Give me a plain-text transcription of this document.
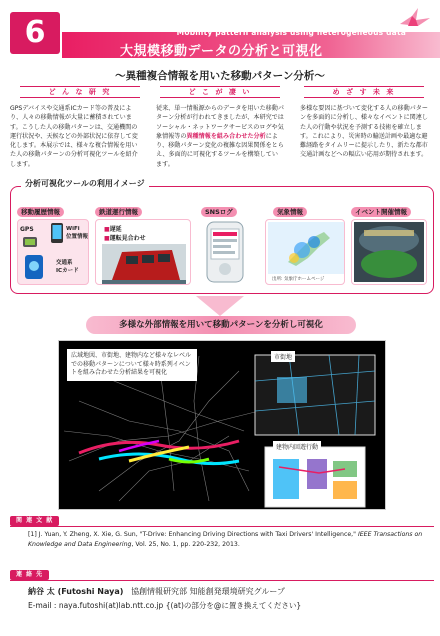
6	Mobility pattern analysis using heterogeneous data
大規模移動データの分析と可視化
〜異種複合情報を用いた移動パターン分析〜
ど ん な 研 究
GPSデバイスや交通系ICカード等の普及により、人々の移動情報が大量に蓄積されています。こうした人の移動パターンは、交通機関の運行状況や、天候などの外部状況に依存して変化します。本展示では、様々な複合情報を用いた人の移動パターンの分析可視化ツールを紹介します。
ど こ が 凄 い
従来、単一情報源からのデータを用いた移動パターン分析が行われてきましたが、本研究ではソーシャル・ネットワークサービスのログや気象情報等の異種情報を組み合わせた分析により、移動パターン変化の複雑な因果関係をとらえ、多面的に可視化するツールを構築しています。
め ざ す 未 来
多様な要因に基づいて変化する人の移動パターンを多面的に分析し、様々なイベントに関連した人の行動や状況を予測する技術を確立します。これにより、災害時の輸送計画や最適な避難経路をタイムリーに提示したり、新たな都市交通計画などへの幅広い応用が期待されます。
分析可視化ツールの利用イメージ
移動履歴情報	鉄道運行情報	SNSログ	気象情報	イベント開催情報
GPS	WiFi
位置情報
交通系
ICカード
■遅延
■運転見合わせ
出所: 気象庁ホームページ
多様な外部情報を用いて移動パターンを分析し可視化
広域地図、市街地、建物内など様々なレベルでの移動パターンについて様々時系列イベントを組み合わせた分析結果を可視化
市街地
建物内回遊行動
関 連 文 献
[1] J. Yuan, Y. Zheng, X. Xie, G. Sun, "T-Drive: Enhancing Driving Directions with Taxi Drivers' Intelligence," IEEE Transactions on Knowledge and Data Engineering, Vol. 25, No. 1, pp. 220-232, 2013.
連 絡 先
納谷 太 (Futoshi Naya) 協創情報研究部 知能創発環境研究グループ
E-mail : naya.futoshi(at)lab.ntt.co.jp {(at)の部分を@に置き換えてください}
